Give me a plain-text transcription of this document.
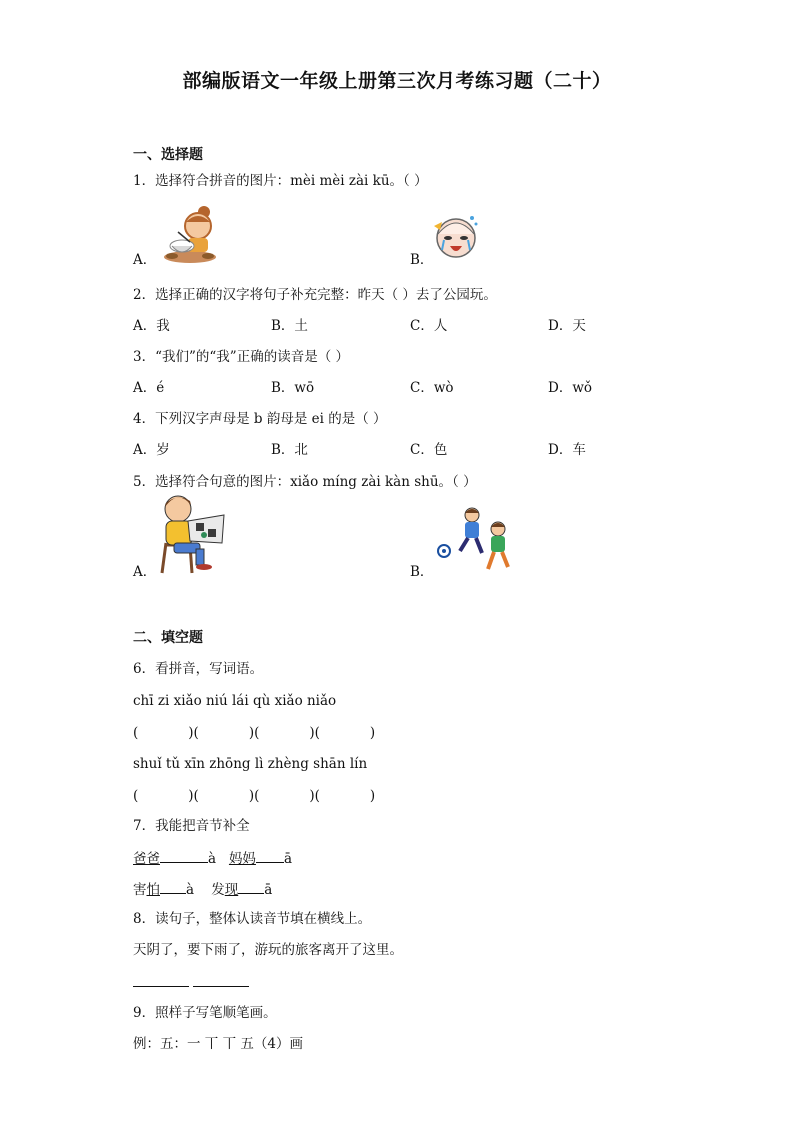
部编版语文一年级上册第三次月考练习题（二十）
一、选择题
1．选择符合拼音的图片：mèi mèi zài kū。（ ）
A．	B．
2．选择正确的汉字将句子补充完整：昨天（ ）去了公园玩。
A．我	B．土	C．人	D．天
3．“我们”的“我”正确的读音是（ ）
A．é	B．wō	C．wò	D．wǒ
4．下列汉字声母是 b 韵母是 ei 的是（ ）
A．岁	B．北	C．色	D．车
5．选择符合句意的图片：xiǎo míng zài kàn shū。（ ）
A．	B．
二、填空题
6．看拼音，写词语。
chī zi xiǎo niú lái qù xiǎo niǎo
(	)(	)(	)(	)
shuǐ tǔ xīn zhōng lì zhèng shān lín
(	)(	)(	)(	)
7．我能把音节补全
爸爸	à 妈妈 ā
害怕 à 发现 ā
8．读句子，整体认读音节填在横线上。
天阴了，要下雨了，游玩的旅客离开了这里。

9．照样子写笔顺笔画。
例：五：一 丅 丅 五（4）画
